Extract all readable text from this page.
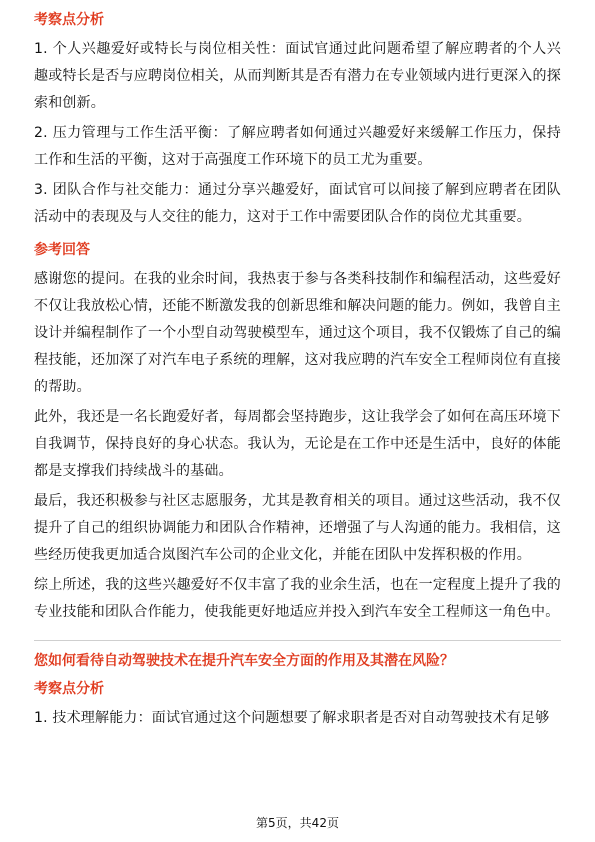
考察点分析

1. 个人兴趣爱好或特长与岗位相关性：面试官通过此问题希望了解应聘者的个人兴趣或特长是否与应聘岗位相关，从而判断其是否有潜力在专业领域内进行更深入的探索和创新。

2. 压力管理与工作生活平衡：了解应聘者如何通过兴趣爱好来缓解工作压力，保持工作和生活的平衡，这对于高强度工作环境下的员工尤为重要。

3. 团队合作与社交能力：通过分享兴趣爱好，面试官可以间接了解到应聘者在团队活动中的表现及与人交往的能力，这对于工作中需要团队合作的岗位尤其重要。

参考回答

感谢您的提问。在我的业余时间，我热衷于参与各类科技制作和编程活动，这些爱好不仅让我放松心情，还能不断激发我的创新思维和解决问题的能力。例如，我曾自主设计并编程制作了一个小型自动驾驶模型车，通过这个项目，我不仅锻炼了自己的编程技能，还加深了对汽车电子系统的理解，这对我应聘的汽车安全工程师岗位有直接的帮助。

此外，我还是一名长跑爱好者，每周都会坚持跑步，这让我学会了如何在高压环境下自我调节，保持良好的身心状态。我认为，无论是在工作中还是生活中，良好的体能都是支撑我们持续战斗的基础。

最后，我还积极参与社区志愿服务，尤其是教育相关的项目。通过这些活动，我不仅提升了自己的组织协调能力和团队合作精神，还增强了与人沟通的能力。我相信，这些经历使我更加适合岚图汽车公司的企业文化，并能在团队中发挥积极的作用。

综上所述，我的这些兴趣爱好不仅丰富了我的业余生活，也在一定程度上提升了我的专业技能和团队合作能力，使我能更好地适应并投入到汽车安全工程师这一角色中。

您如何看待自动驾驶技术在提升汽车安全方面的作用及其潜在风险？
考察点分析

1. 技术理解能力：面试官通过这个问题想要了解求职者是否对自动驾驶技术有足够

第5页，共42页
